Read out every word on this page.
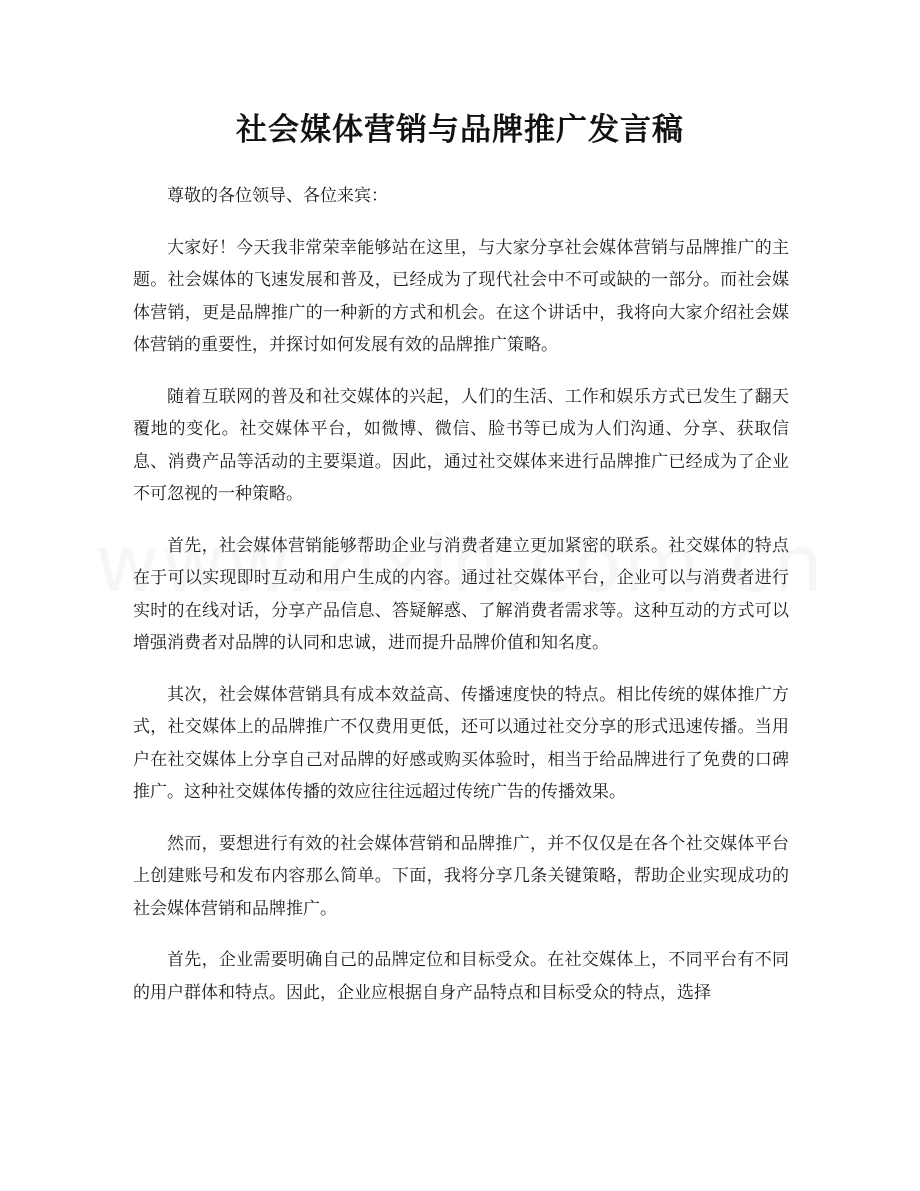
社会媒体营销与品牌推广发言稿

尊敬的各位领导、各位来宾：

大家好！今天我非常荣幸能够站在这里，与大家分享社会媒体营销与品牌推广的主题。社会媒体的飞速发展和普及，已经成为了现代社会中不可或缺的一部分。而社会媒体营销，更是品牌推广的一种新的方式和机会。在这个讲话中，我将向大家介绍社会媒体营销的重要性，并探讨如何发展有效的品牌推广策略。

随着互联网的普及和社交媒体的兴起，人们的生活、工作和娱乐方式已发生了翻天覆地的变化。社交媒体平台，如微博、微信、脸书等已成为人们沟通、分享、获取信息、消费产品等活动的主要渠道。因此，通过社交媒体来进行品牌推广已经成为了企业不可忽视的一种策略。

首先，社会媒体营销能够帮助企业与消费者建立更加紧密的联系。社交媒体的特点在于可以实现即时互动和用户生成的内容。通过社交媒体平台，企业可以与消费者进行实时的在线对话，分享产品信息、答疑解惑、了解消费者需求等。这种互动的方式可以增强消费者对品牌的认同和忠诚，进而提升品牌价值和知名度。

其次，社会媒体营销具有成本效益高、传播速度快的特点。相比传统的媒体推广方式，社交媒体上的品牌推广不仅费用更低，还可以通过社交分享的形式迅速传播。当用户在社交媒体上分享自己对品牌的好感或购买体验时，相当于给品牌进行了免费的口碑推广。这种社交媒体传播的效应往往远超过传统广告的传播效果。

然而，要想进行有效的社会媒体营销和品牌推广，并不仅仅是在各个社交媒体平台上创建账号和发布内容那么简单。下面，我将分享几条关键策略，帮助企业实现成功的社会媒体营销和品牌推广。

首先，企业需要明确自己的品牌定位和目标受众。在社交媒体上，不同平台有不同的用户群体和特点。因此，企业应根据自身产品特点和目标受众的特点，选择
